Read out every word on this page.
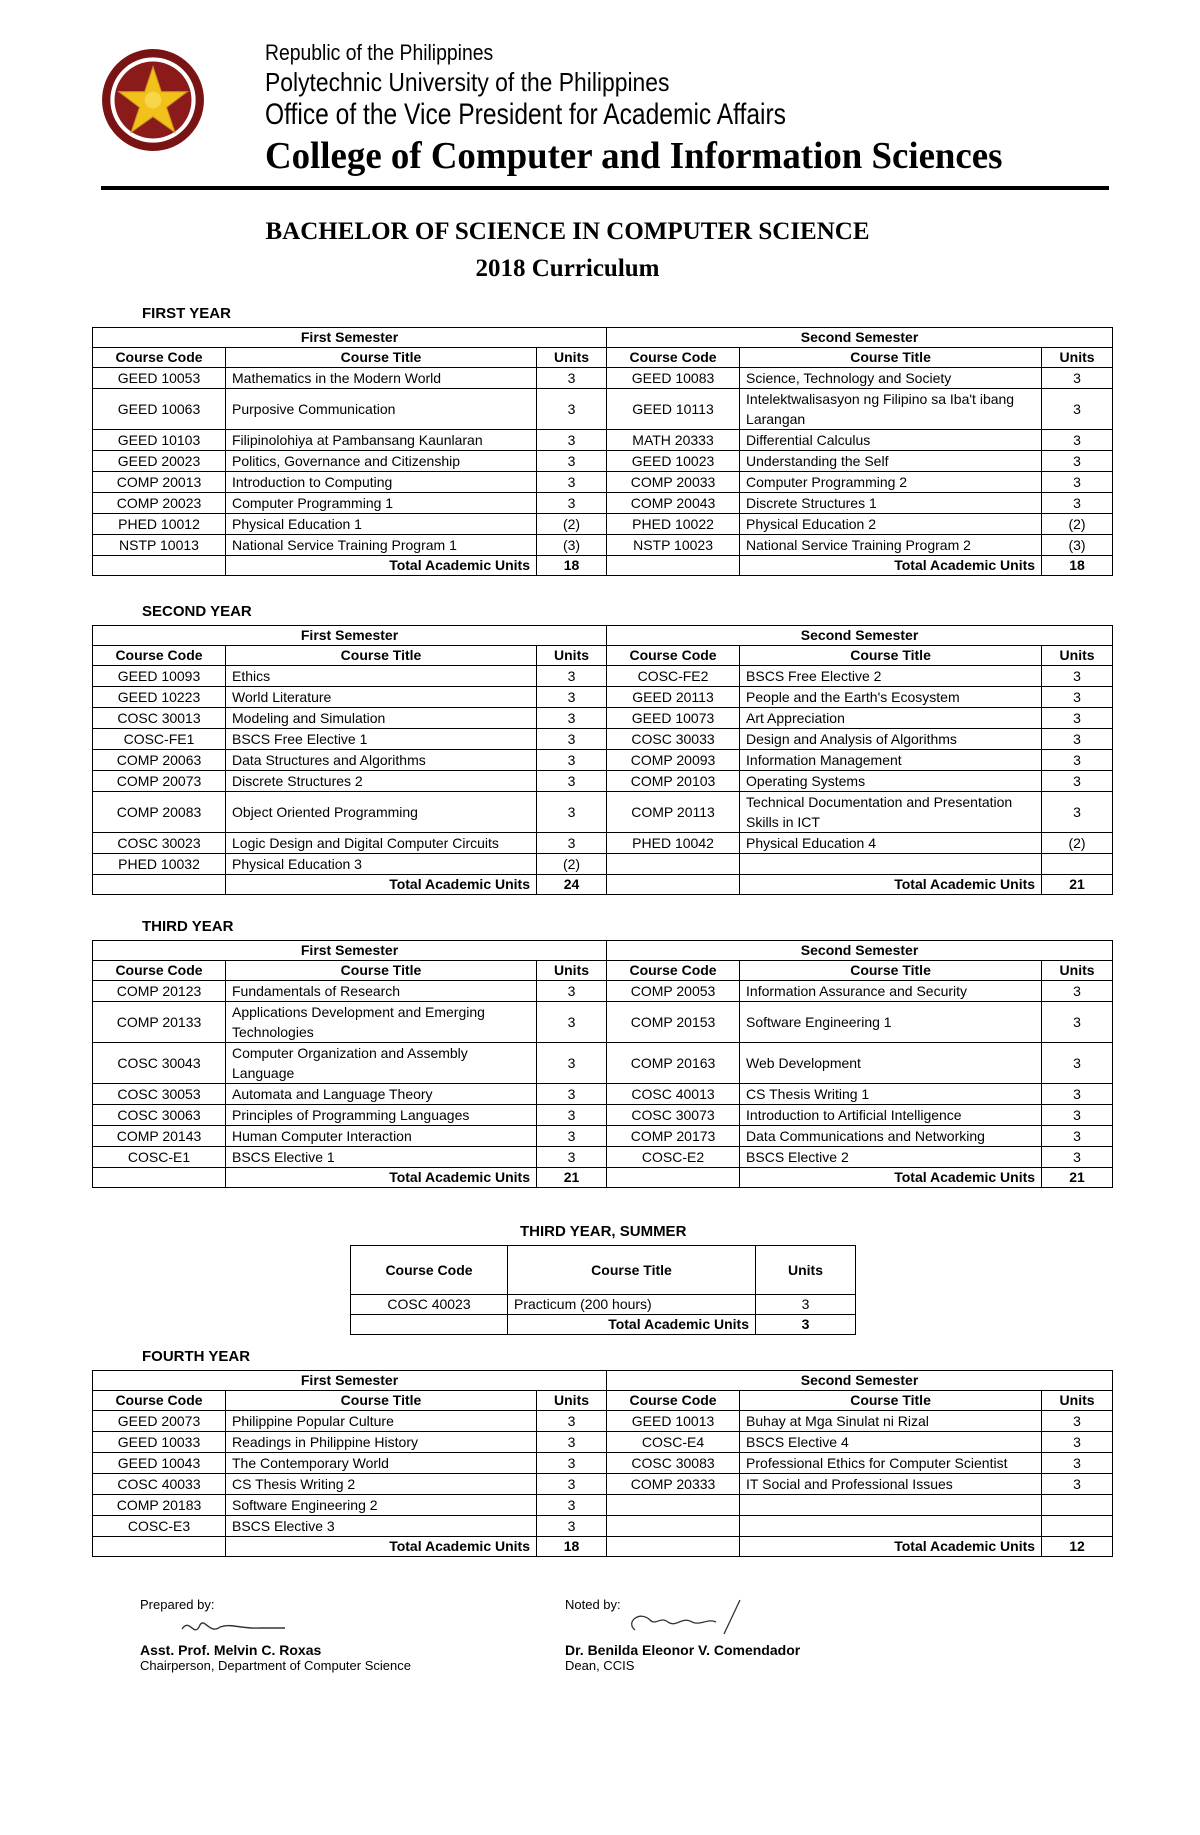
Republic of the Philippines
Polytechnic University of the Philippines
Office of the Vice President for Academic Affairs
College of Computer and Information Sciences
BACHELOR OF SCIENCE IN COMPUTER SCIENCE
2018 Curriculum
FIRST YEAR
First Semester			Second Semester		
Course Code	Course Title	Units	Course Code	Course Title	Units
GEED 10053	Mathematics in the Modern World	3	GEED 10083	Science, Technology and Society	3
GEED 10063	Purposive Communication	3	GEED 10113	Intelektwalisasyon ng Filipino sa Iba't ibang Larangan	3
GEED 10103	Filipinolohiya at Pambansang Kaunlaran	3	MATH 20333	Differential Calculus	3
GEED 20023	Politics, Governance and Citizenship	3	GEED 10023	Understanding the Self	3
COMP 20013	Introduction to Computing	3	COMP 20033	Computer Programming 2	3
COMP 20023	Computer Programming 1	3	COMP 20043	Discrete Structures 1	3
PHED 10012	Physical Education 1	(2)	PHED 10022	Physical Education 2	(2)
NSTP 10013	National Service Training Program 1	(3)	NSTP 10023	National Service Training Program 2	(3)
	Total Academic Units	18		Total Academic Units	18
SECOND YEAR
First Semester			Second Semester		
Course Code	Course Title	Units	Course Code	Course Title	Units
GEED 10093	Ethics	3	COSC-FE2	BSCS Free Elective 2	3
GEED 10223	World Literature	3	GEED 20113	People and the Earth's Ecosystem	3
COSC 30013	Modeling and Simulation	3	GEED 10073	Art Appreciation	3
COSC-FE1	BSCS Free Elective 1	3	COSC 30033	Design and Analysis of Algorithms	3
COMP 20063	Data Structures and Algorithms	3	COMP 20093	Information Management	3
COMP 20073	Discrete Structures 2	3	COMP 20103	Operating Systems	3
COMP 20083	Object Oriented Programming	3	COMP 20113	Technical Documentation and Presentation Skills in ICT	3
COSC 30023	Logic Design and Digital Computer Circuits	3	PHED 10042	Physical Education 4	(2)
PHED 10032	Physical Education 3	(2)			
	Total Academic Units	24		Total Academic Units	21
THIRD YEAR
First Semester			Second Semester		
Course Code	Course Title	Units	Course Code	Course Title	Units
COMP 20123	Fundamentals of Research	3	COMP 20053	Information Assurance and Security	3
COMP 20133	Applications Development and Emerging Technologies	3	COMP 20153	Software Engineering 1	3
COSC 30043	Computer Organization and Assembly Language	3	COMP 20163	Web Development	3
COSC 30053	Automata and Language Theory	3	COSC 40013	CS Thesis Writing 1	3
COSC 30063	Principles of Programming Languages	3	COSC 30073	Introduction to Artificial Intelligence	3
COMP 20143	Human Computer Interaction	3	COMP 20173	Data Communications and Networking	3
COSC-E1	BSCS Elective 1	3	COSC-E2	BSCS Elective 2	3
	Total Academic Units	21		Total Academic Units	21
FOURTH YEAR
First Semester			Second Semester		
Course Code	Course Title	Units	Course Code	Course Title	Units
GEED 20073	Philippine Popular Culture	3	GEED 10013	Buhay at Mga Sinulat ni Rizal	3
GEED 10033	Readings in Philippine History	3	COSC-E4	BSCS Elective 4	3
GEED 10043	The Contemporary World	3	COSC 30083	Professional Ethics for Computer Scientist	3
COSC 40033	CS Thesis Writing 2	3	COMP 20333	IT Social and Professional Issues	3
COMP 20183	Software Engineering 2	3			
COSC-E3	BSCS Elective 3	3			
	Total Academic Units	18		Total Academic Units	12
THIRD YEAR, SUMMER
Course Code	Course Title	Units
COSC 40023	Practicum (200 hours)	3
	Total Academic Units	3
Prepared by:
Asst. Prof. Melvin C. Roxas
Chairperson, Department of Computer Science
Noted by:
Dr. Benilda Eleonor V. Comendador
Dean, CCIS
